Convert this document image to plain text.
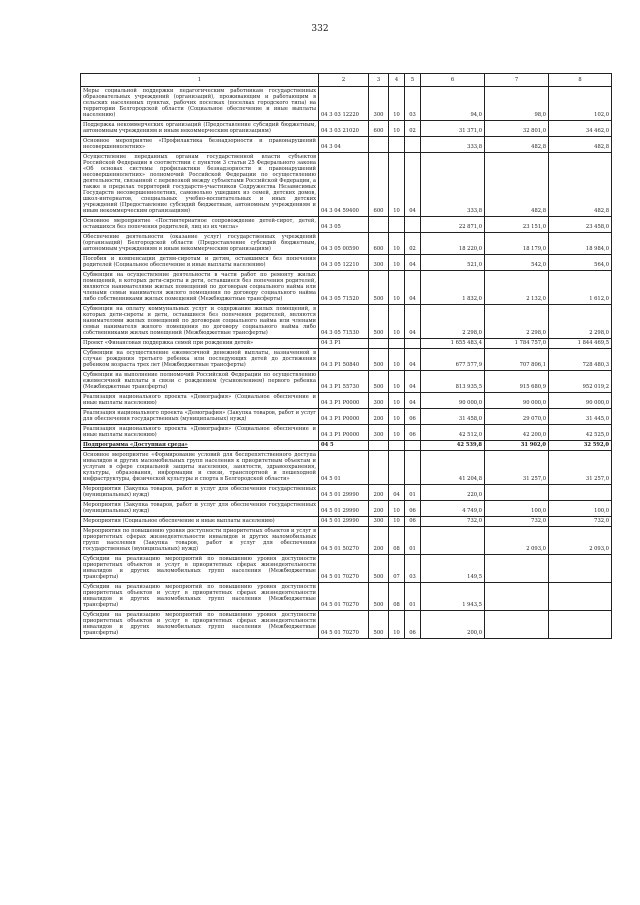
332
1	2	3	4	5	6	7	8
Меры социальной поддержки педагогическим работникам государственных образовательных учреждений (организаций), проживающим и работающим в сельских населенных пунктах, рабочих поселках (поселках городского типа) на территории Белгородской области (Социальное обеспечение и иные выплаты населению)	04 3 03 12220	300	10	03	94,0	98,0	102,0
Поддержка некоммерческих организаций (Предоставление субсидий бюджетным, автономным учреждениям и иным некоммерческим организациям)	04 3 03 21020	600	10	02	31 371,0	32 801,0	34 462,0
Основное мероприятие «Профилактика безнадзорности и правонарушений несовершеннолетних»	04 3 04				333,8	482,8	482,8
Осуществление переданных органам государственной власти субъектов Российской Федерации в соответствии с пунктом 3 статьи 25 Федерального закона «Об основах системы профилактики безнадзорности и правонарушений несовершеннолетних» полномочий Российской Федерации по осуществлению деятельности, связанной с перевозкой между субъектами Российской Федерации, а также в пределах территорий государств-участников Содружества Независимых Государств несовершеннолетних, самовольно ушедших из семей, детских домов, школ-интернатов, специальных учебно-воспитательных и иных детских учреждений (Предоставление субсидий бюджетным, автономным учреждениям и иным некоммерческим организациям)	04 3 04 59400	600	10	04	333,8	482,8	482,8
Основное мероприятие «Постинтернатное сопровождение детей-сирот, детей, оставшихся без попечения родителей, лиц из их числа»	04 3 05				22 871,0	23 151,0	23 458,0
Обеспечение деятельности (оказание услуг) государственных учреждений (организаций) Белгородской области (Предоставление субсидий бюджетным, автономным учреждениям и иным некоммерческим организациям)	04 3 05 00590	600	10	02	18 220,0	18 179,0	18 984,0
Пособия и компенсации детям-сиротам и детям, оставшимся без попечения родителей (Социальное обеспечение и иные выплаты населению)	04 3 05 12210	300	10	04	521,0	542,0	564,0
Субвенции на осуществление деятельности в части работ по ремонту жилых помещений, в которых дети-сироты и дети, оставшиеся без попечения родителей, являются нанимателями жилых помещений по договорам социального найма или членами семьи нанимателя жилого помещения по договору социального найма либо собственниками жилых помещений (Межбюджетные трансферты)	04 3 05 71520	500	10	04	1 832,0	2 132,0	1 612,0
Субвенции на оплату коммунальных услуг и содержание жилых помещений, в которых дети-сироты и дети, оставшиеся без попечения родителей, являются нанимателями жилых помещений по договорам социального найма или членами семьи нанимателя жилого помещения по договору социального найма либо собственниками жилых помещений (Межбюджетные трансферты)	04 3 05 71530	500	10	04	2 298,0	2 298,0	2 298,0
Проект «Финансовая поддержка семей при рождении детей»	04 3 P1				1 655 483,4	1 784 757,0	1 844 469,5
Субвенции на осуществление ежемесячной денежной выплаты, назначенной в случае рождения третьего ребенка или последующих детей до достижения ребенком возраста трех лет (Межбюджетные трансферты)	04 3 P1 50840	500	10	04	677 577,9	707 806,1	728 480,3
Субвенции на выполнение полномочий Российской Федерации по осуществлению ежемесячной выплаты в связи с рождением (усыновлением) первого ребенка (Межбюджетные трансферты)	04 3 P1 55730	500	10	04	813 935,5	915 680,9	952 019,2
Реализация национального проекта «Демография» (Социальное обеспечение и иные выплаты населению)	04 3 P1 P0000	300	10	04	90 000,0	90 000,0	90 000,0
Реализация национального проекта «Демография» (Закупка товаров, работ и услуг для обеспечения государственных (муниципальных) нужд)	04 3 P1 P0000	200	10	06	31 458,0	29 070,0	31 445,0
Реализация национального проекта «Демография» (Социальное обеспечение и иные выплаты населению)	04 3 P1 P0000	300	10	06	42 512,0	42 200,0	42 525,0
Подпрограмма «Доступная среда»	04 5				42 539,8	31 902,0	32 592,0
Основное мероприятие «Формирование условий для беспрепятственного доступа инвалидов и других маломобильных групп населения к приоритетным объектам и услугам в сфере социальной защиты населения, занятости, здравоохранения, культуры, образования, информации и связи, транспортной и пешеходной инфраструктуры, физической культуры и спорта в Белгородской области»	04 5 01				41 204,8	31 257,0	31 257,0
Мероприятия (Закупка товаров, работ и услуг для обеспечения государственных (муниципальных) нужд)	04 5 01 29990	200	04	01	220,0		
Мероприятия (Закупка товаров, работ и услуг для обеспечения государственных (муниципальных) нужд)	04 5 01 29990	200	10	06	4 749,0	100,0	100,0
Мероприятия (Социальное обеспечение и иные выплаты населению)	04 5 01 29990	300	10	06	732,0	732,0	732,0
Мероприятия по повышению уровня доступности приоритетных объектов и услуг в приоритетных сферах жизнедеятельности инвалидов и других маломобильных групп населения (Закупка товаров, работ и услуг для обеспечения государственных (муниципальных) нужд)	04 5 01 50270	200	08	01		2 093,0	2 093,0
Субсидии на реализацию мероприятий по повышению уровня доступности приоритетных объектов и услуг в приоритетных сферах жизнедеятельности инвалидов и других маломобильных групп населения (Межбюджетные трансферты)	04 5 01 70270	500	07	03	149,5		
Субсидии на реализацию мероприятий по повышению уровня доступности приоритетных объектов и услуг в приоритетных сферах жизнедеятельности инвалидов и других маломобильных групп населения (Межбюджетные трансферты)	04 5 01 70270	500	08	01	1 943,5		
Субсидии на реализацию мероприятий по повышению уровня доступности приоритетных объектов и услуг в приоритетных сферах жизнедеятельности инвалидов и других маломобильных групп населения (Межбюджетные трансферты)	04 5 01 70270	500	10	06	200,0		
